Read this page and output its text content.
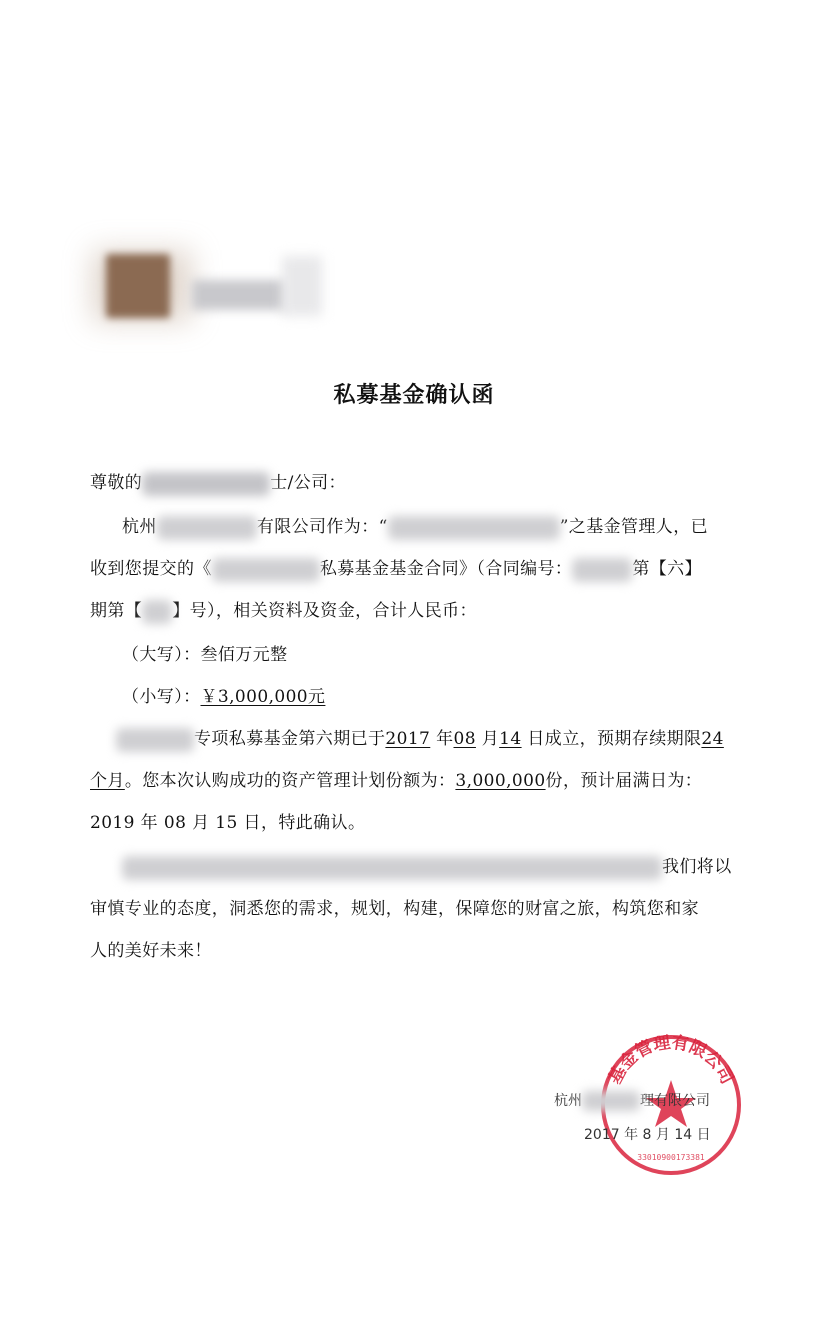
私募基金确认函
尊敬的	士/公司：
杭州	有限公司作为：“	”之基金管理人，已
收到您提交的《	私募基金基金合同》（合同编号：	第【六】
期第【 】号），相关资料及资金，合计人民币：
（大写）：叁佰万元整
（小写）：￥3,000,000元
专项私募基金第六期已于2017 年08 月14 日成立，预期存续期限24
个月。您本次认购成功的资产管理计划份额为：3,000,000份，预计届满日为：
2019 年 08 月 15 日，特此确认。
我们将以
审慎专业的态度，洞悉您的需求，规划，构建，保障您的财富之旅，构筑您和家
人的美好未来！
基金管理有限公司
33010900173381
杭州	理有限公司
2017 年 8 月 14 日
